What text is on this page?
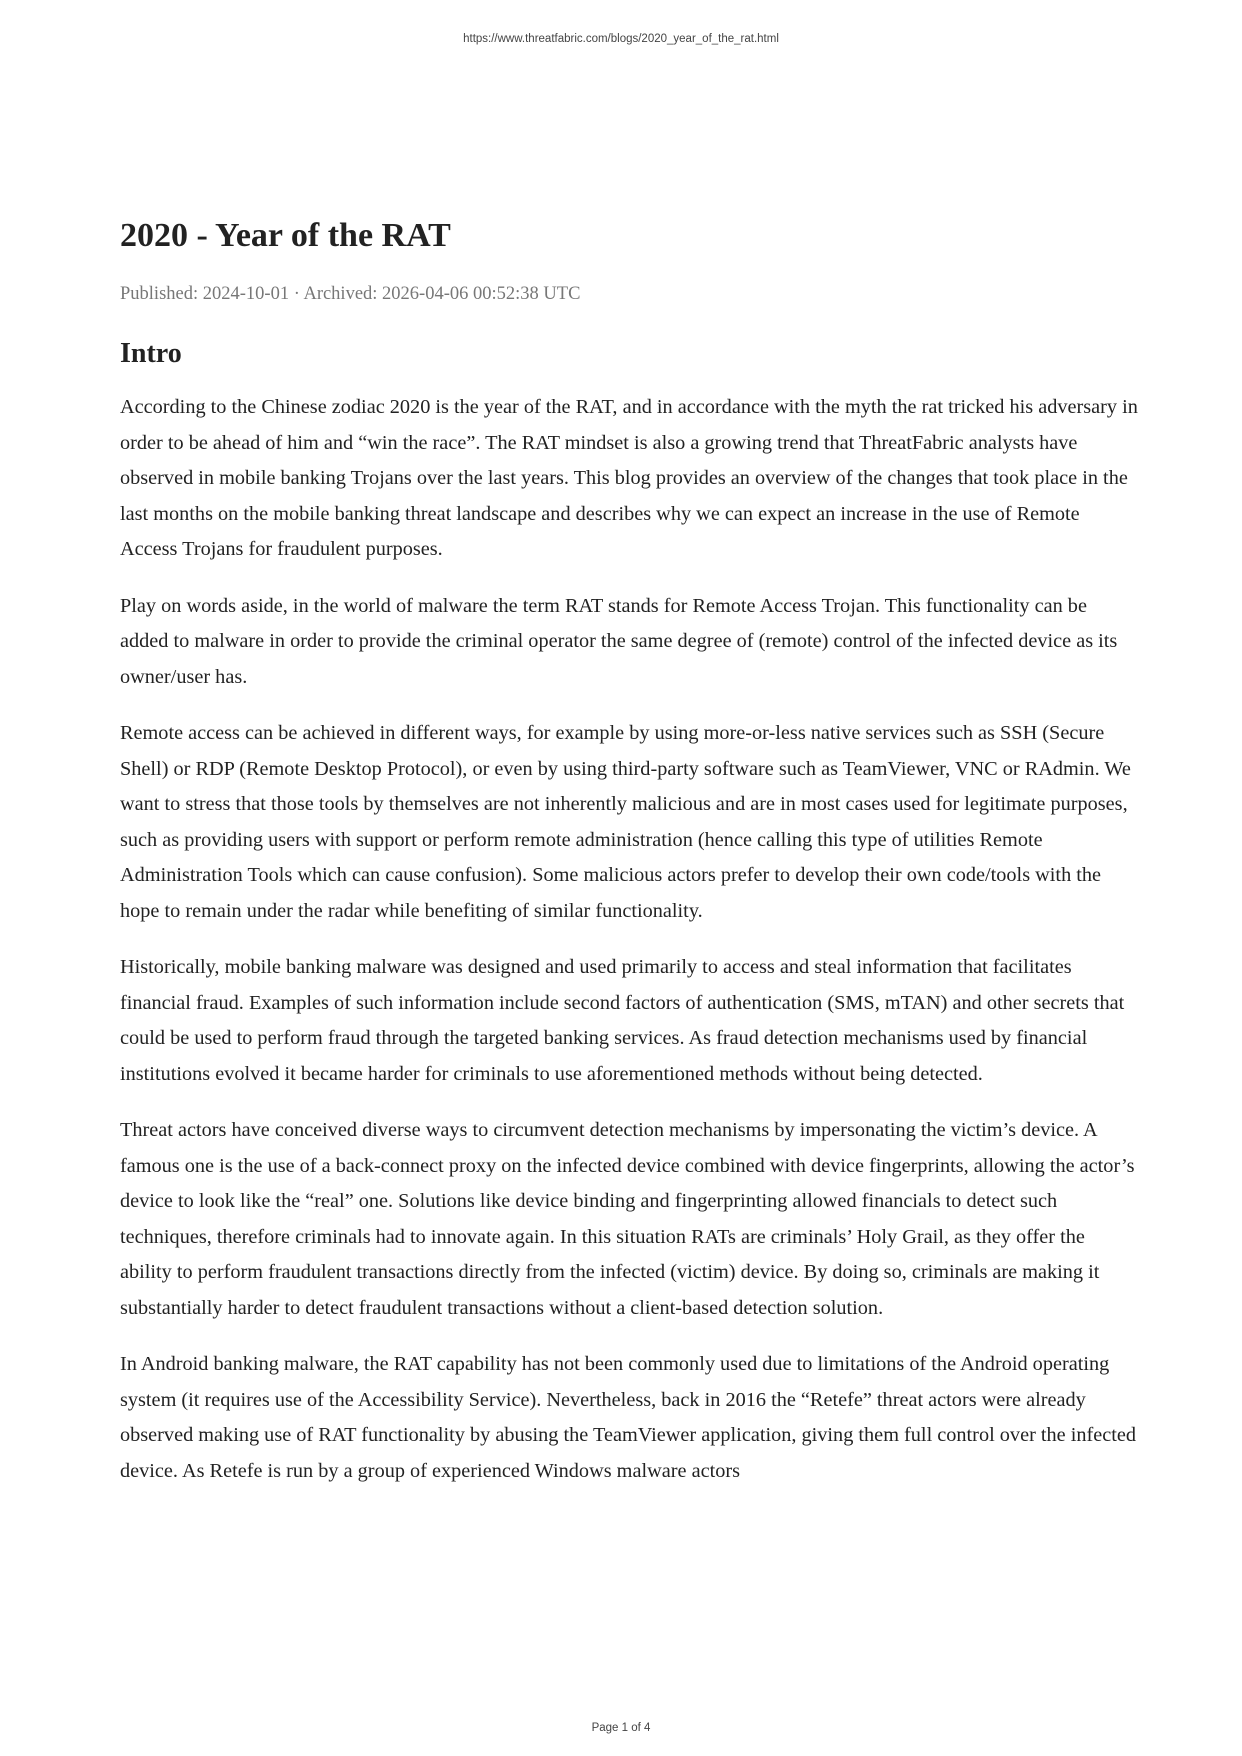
https://www.threatfabric.com/blogs/2020_year_of_the_rat.html
2020 - Year of the RAT
Published: 2024-10-01 · Archived: 2026-04-06 00:52:38 UTC
Intro

According to the Chinese zodiac 2020 is the year of the RAT, and in accordance with the myth the rat tricked his adversary in order to be ahead of him and “win the race”. The RAT mindset is also a growing trend that ThreatFabric analysts have observed in mobile banking Trojans over the last years. This blog provides an overview of the changes that took place in the last months on the mobile banking threat landscape and describes why we can expect an increase in the use of Remote Access Trojans for fraudulent purposes.

Play on words aside, in the world of malware the term RAT stands for Remote Access Trojan. This functionality can be added to malware in order to provide the criminal operator the same degree of (remote) control of the infected device as its owner/user has.

Remote access can be achieved in different ways, for example by using more-or-less native services such as SSH (Secure Shell) or RDP (Remote Desktop Protocol), or even by using third-party software such as TeamViewer, VNC or RAdmin. We want to stress that those tools by themselves are not inherently malicious and are in most cases used for legitimate purposes, such as providing users with support or perform remote administration (hence calling this type of utilities Remote Administration Tools which can cause confusion). Some malicious actors prefer to develop their own code/tools with the hope to remain under the radar while benefiting of similar functionality.

Historically, mobile banking malware was designed and used primarily to access and steal information that facilitates financial fraud. Examples of such information include second factors of authentication (SMS, mTAN) and other secrets that could be used to perform fraud through the targeted banking services. As fraud detection mechanisms used by financial institutions evolved it became harder for criminals to use aforementioned methods without being detected.

Threat actors have conceived diverse ways to circumvent detection mechanisms by impersonating the victim’s device. A famous one is the use of a back-connect proxy on the infected device combined with device fingerprints, allowing the actor’s device to look like the “real” one. Solutions like device binding and fingerprinting allowed financials to detect such techniques, therefore criminals had to innovate again. In this situation RATs are criminals’ Holy Grail, as they offer the ability to perform fraudulent transactions directly from the infected (victim) device. By doing so, criminals are making it substantially harder to detect fraudulent transactions without a client-based detection solution.

In Android banking malware, the RAT capability has not been commonly used due to limitations of the Android operating system (it requires use of the Accessibility Service). Nevertheless, back in 2016 the “Retefe” threat actors were already observed making use of RAT functionality by abusing the TeamViewer application, giving them full control over the infected device. As Retefe is run by a group of experienced Windows malware actors

Page 1 of 4
